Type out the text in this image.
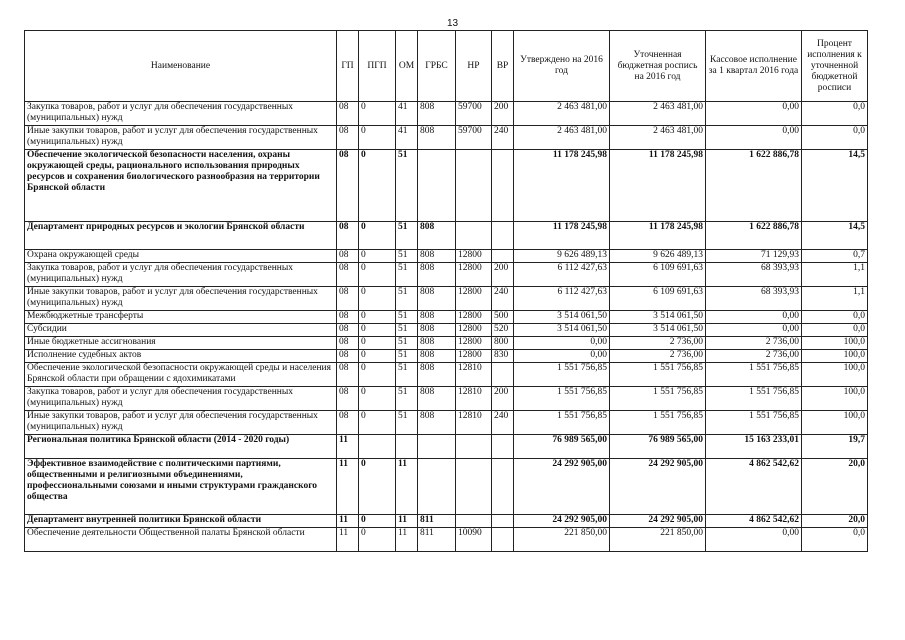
13
Наименование	ГП	ПГП	ОМ	ГРБС	НР	ВР	Утверждено на 2016 год	Уточненная бюджетная роспись на 2016 год	Кассовое исполнение за 1 квартал 2016 года	Процент исполнения к уточненной бюджетной росписи
Закупка товаров, работ и услуг для обеспечения государственных (муниципальных) нужд	08	0	41	808	59700	200	2 463 481,00	2 463 481,00	0,00	0,0
Иные закупки товаров, работ и услуг для обеспечения государственных (муниципальных) нужд	08	0	41	808	59700	240	2 463 481,00	2 463 481,00	0,00	0,0
Обеспечение экологической безопасности населения, охраны окружающей среды, рационального использования природных ресурсов и сохранения биологического разнообразия на территории Брянской области	08	0	51				11 178 245,98	11 178 245,98	1 622 886,78	14,5
Департамент природных ресурсов и экологии Брянской области	08	0	51	808			11 178 245,98	11 178 245,98	1 622 886,78	14,5
Охрана окружающей среды	08	0	51	808	12800		9 626 489,13	9 626 489,13	71 129,93	0,7
Закупка товаров, работ и услуг для обеспечения государственных (муниципальных) нужд	08	0	51	808	12800	200	6 112 427,63	6 109 691,63	68 393,93	1,1
Иные закупки товаров, работ и услуг для обеспечения государственных (муниципальных) нужд	08	0	51	808	12800	240	6 112 427,63	6 109 691,63	68 393,93	1,1
Межбюджетные трансферты	08	0	51	808	12800	500	3 514 061,50	3 514 061,50	0,00	0,0
Субсидии	08	0	51	808	12800	520	3 514 061,50	3 514 061,50	0,00	0,0
Иные бюджетные ассигнования	08	0	51	808	12800	800	0,00	2 736,00	2 736,00	100,0
Исполнение судебных актов	08	0	51	808	12800	830	0,00	2 736,00	2 736,00	100,0
Обеспечение экологической безопасности окружающей среды и населения Брянской области при обращении с ядохимикатами	08	0	51	808	12810		1 551 756,85	1 551 756,85	1 551 756,85	100,0
Закупка товаров, работ и услуг для обеспечения государственных (муниципальных) нужд	08	0	51	808	12810	200	1 551 756,85	1 551 756,85	1 551 756,85	100,0
Иные закупки товаров, работ и услуг для обеспечения государственных (муниципальных) нужд	08	0	51	808	12810	240	1 551 756,85	1 551 756,85	1 551 756,85	100,0
Региональная политика Брянской области (2014 - 2020 годы)	11						76 989 565,00	76 989 565,00	15 163 233,01	19,7
Эффективное взаимодействие с политическими партиями, общественными и религиозными объединениями, профессиональными союзами и иными структурами гражданского общества	11	0	11				24 292 905,00	24 292 905,00	4 862 542,62	20,0
Департамент внутренней политики Брянской области	11	0	11	811			24 292 905,00	24 292 905,00	4 862 542,62	20,0
Обеспечение деятельности Общественной палаты Брянской области	11	0	11	811	10090		221 850,00	221 850,00	0,00	0,0
